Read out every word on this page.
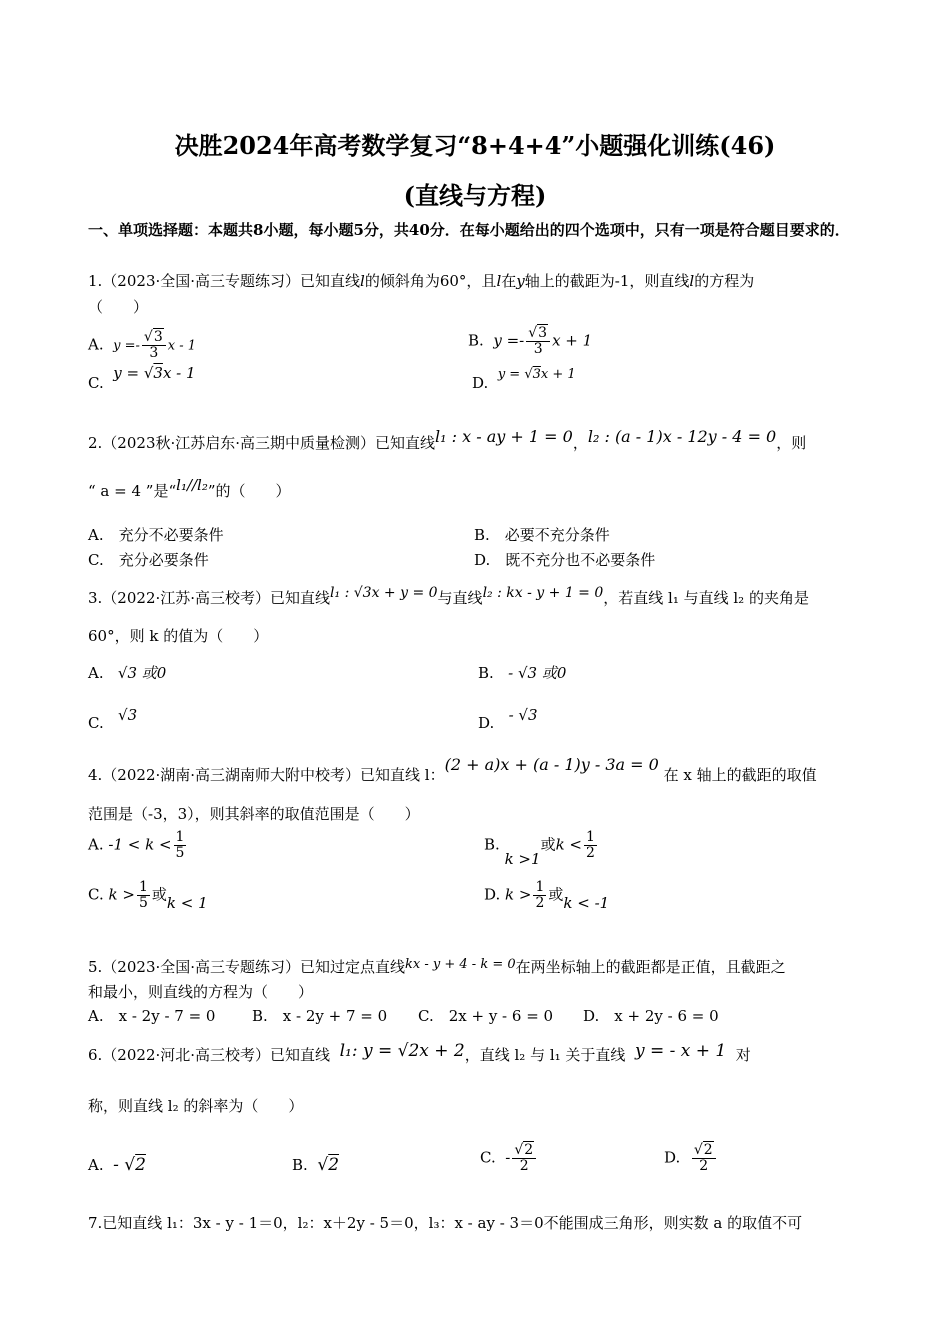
决胜2024年高考数学复习“8+4+4”小题强化训练(46)
(直线与方程)
一、单项选择题：本题共8小题，每小题5分，共40分．在每小题给出的四个选项中，只有一项是符合题目要求的．
1.（2023·全国·高三专题练习）已知直线l的倾斜角为60°，且l在y轴上的截距为-1，则直线l的方程为
（　　）
A. $y =- \frac{√3}{3}$ x - 1	B. $y =- \frac{√3}{3}$ x + 1
C.  y = √3x - 1
D. y = √3x + 1
2.（2023秋·江苏启东·高三期中质量检测）已知直线l₁ : x - ay + 1 = 0，l₂ : (a - 1)x - 12y - 4 = 0，则
“ a = 4 ”是“l₁//l₂”的（　　）
A.　充分不必要条件	B.　必要不充分条件
C.　充分必要条件	D.　既不充分也不必要条件
3.（2022·江苏·高三校考）已知直线l₁ : √3x + y = 0与直线l₂ : kx - y + 1 = 0，若直线 l₁ 与直线 l₂ 的夹角是
60°，则 k 的值为（　　）
A. √3 或0	B. - √3 或0
C. √3	D. - √3
4.（2022·湖南·高三湖南师大附中校考）已知直线 l：(2 + a)x + (a - 1)y - 3a = 0 在 x 轴上的截距的取值
范围是（-3，3），则其斜率的取值范围是（　　）
A. $-1 < k < \frac{1}{5}$	B. k >1或$k < \frac{1}{2}$
C. $k > \frac{1}{5}$ 或k < 1	D. $k > \frac{1}{2}$ 或k < -1
5.（2023·全国·高三专题练习）已知过定点直线kx - y + 4 - k = 0在两坐标轴上的截距都是正值，且截距之
和最小，则直线的方程为（　　）
A.　x - 2y - 7 = 0 B.　x - 2y + 7 = 0 C.　2x + y - 6 = 0 D.　x + 2y - 6 = 0
6.（2022·河北·高三校考）已知直线 l₁: y = √2x + 2，直线 l₂ 与 l₁ 关于直线 y = - x + 1 对
称，则直线 l₂ 的斜率为（　　）
A. - √2	B. √2	C. - $\frac{√2}{2}$	D. $\frac{√2}{2}$
7.已知直线 l₁：3x - y - 1＝0，l₂：x＋2y - 5＝0，l₃：x - ay - 3＝0不能围成三角形，则实数 a 的取值不可
